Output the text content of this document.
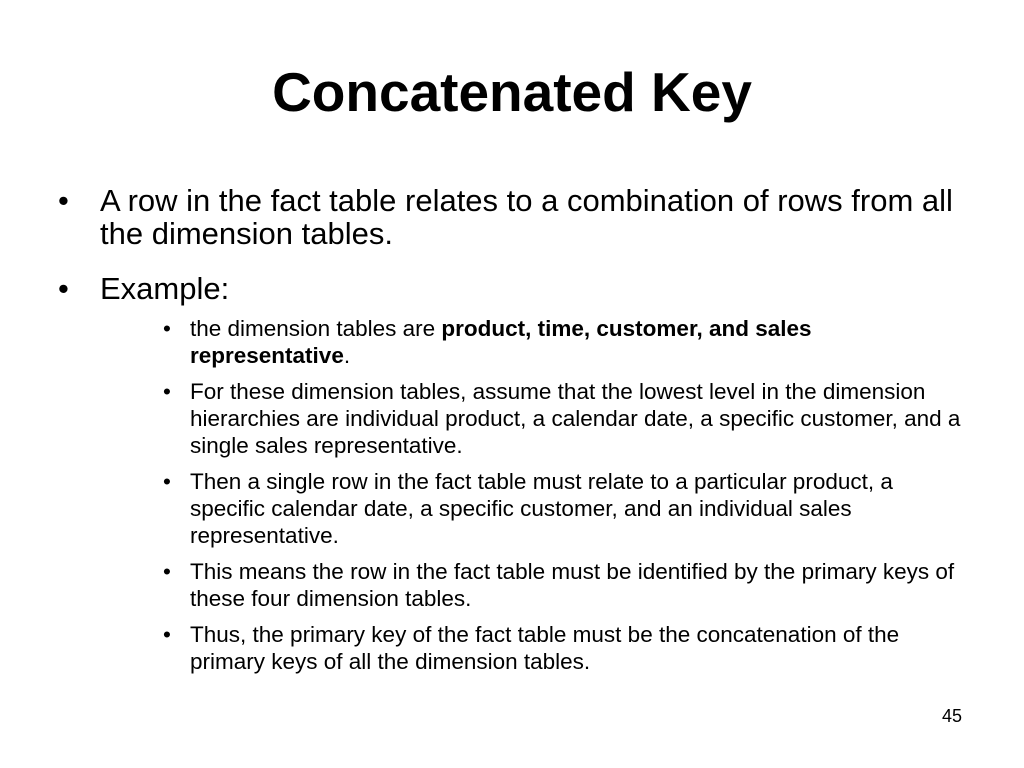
Concatenated Key
• A row in the fact table relates to a combination of rows from all the dimension tables.
• Example:
• the dimension tables are product, time, customer, and sales representative.
• For these dimension tables, assume that the lowest level in the dimension hierarchies are individual product, a calendar date, a specific customer, and a single sales representative.
• Then a single row in the fact table must relate to a particular product, a specific calendar date, a specific customer, and an individual sales representative.
• This means the row in the fact table must be identified by the primary keys of these four dimension tables.
• Thus, the primary key of the fact table must be the concatenation of the primary keys of all the dimension tables.
45
